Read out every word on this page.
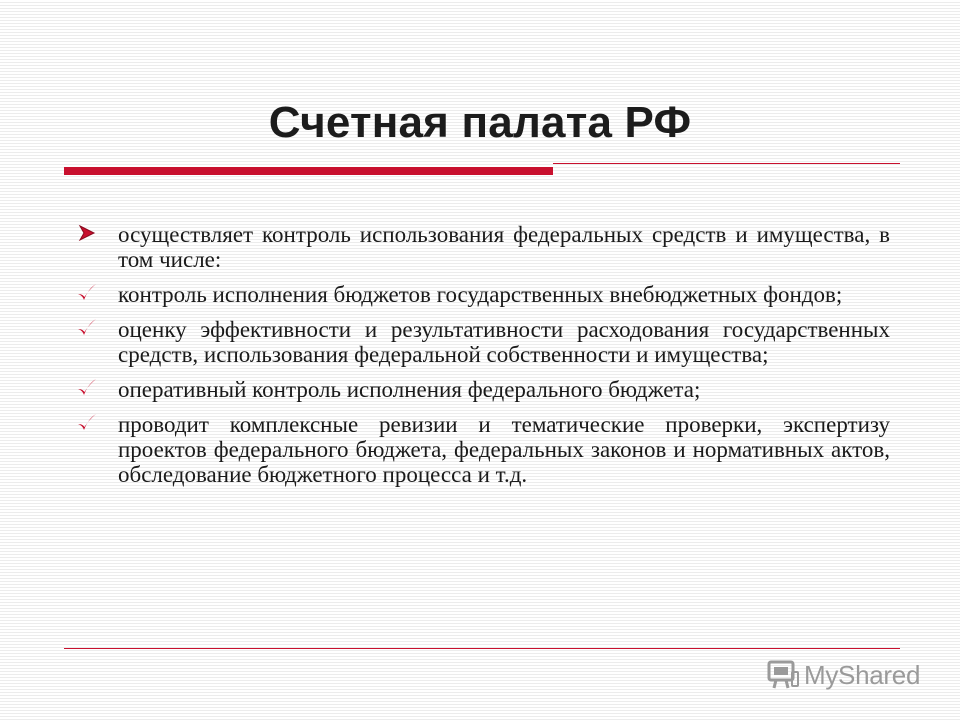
Счетная палата РФ
осуществляет контроль использования федеральных средств и имущества, в том числе:
контроль исполнения бюджетов государственных внебюджетных фондов;
оценку эффективности и результативности расходования государственных средств, использования федеральной собственности и имущества;
оперативный контроль исполнения федерального бюджета;
проводит комплексные ревизии и тематические проверки, экспертизу проектов федерального бюджета, федеральных законов и нормативных актов, обследование бюджетного процесса и т.д.
MyShared
